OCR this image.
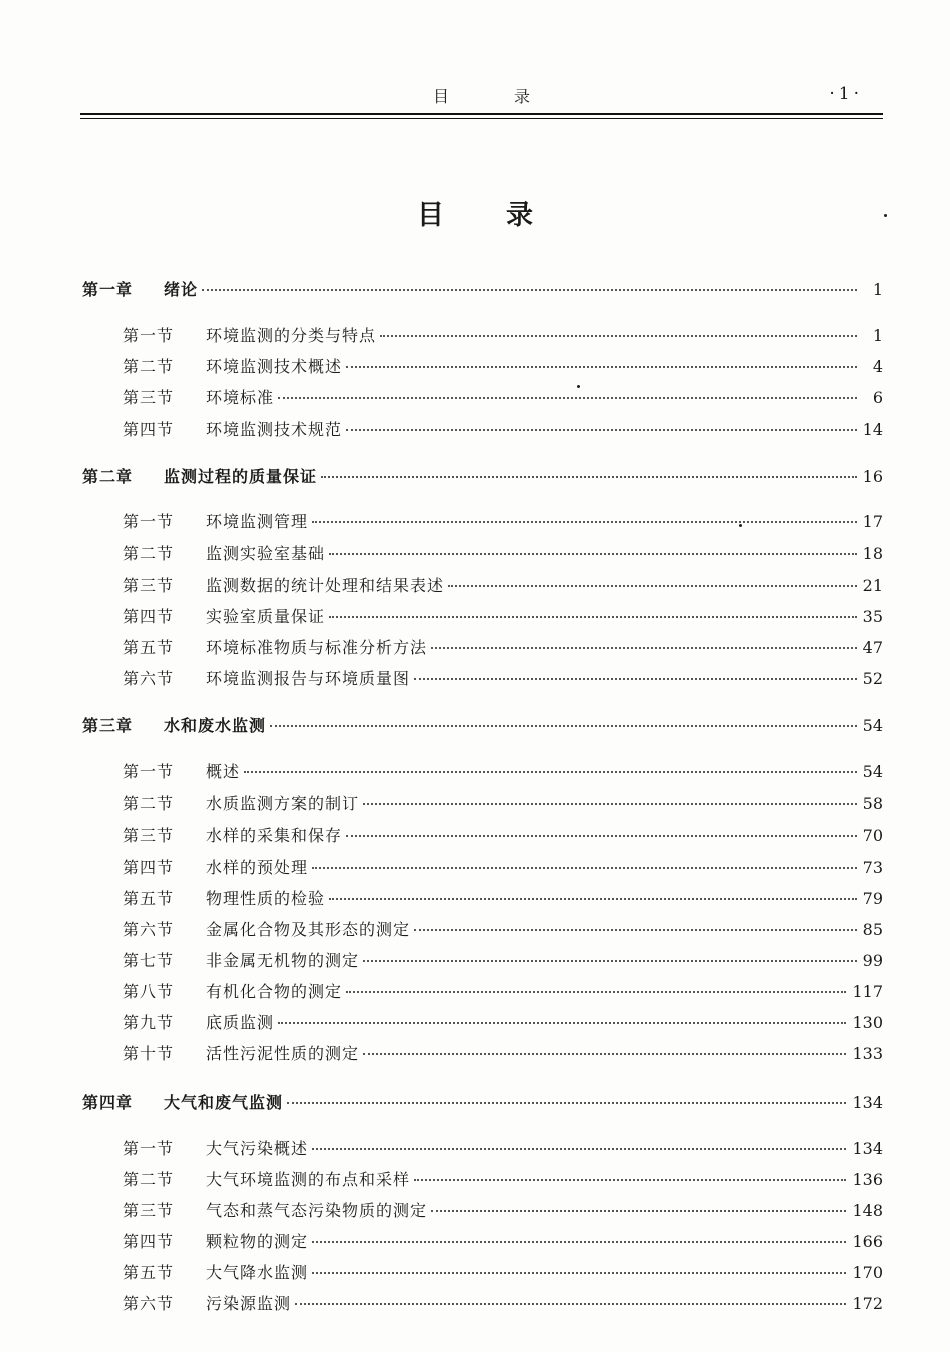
目 录	·1·
目录
第一章	绪论	1
第一节	环境监测的分类与特点	1
第二节	环境监测技术概述	4
第三节	环境标准	6
第四节	环境监测技术规范	14
第二章	监测过程的质量保证	16
第一节	环境监测管理	17
第二节	监测实验室基础	18
第三节	监测数据的统计处理和结果表述	21
第四节	实验室质量保证	35
第五节	环境标准物质与标准分析方法	47
第六节	环境监测报告与环境质量图	52
第三章	水和废水监测	54
第一节	概述	54
第二节	水质监测方案的制订	58
第三节	水样的采集和保存	70
第四节	水样的预处理	73
第五节	物理性质的检验	79
第六节	金属化合物及其形态的测定	85
第七节	非金属无机物的测定	99
第八节	有机化合物的测定	117
第九节	底质监测	130
第十节	活性污泥性质的测定	133
第四章	大气和废气监测	134
第一节	大气污染概述	134
第二节	大气环境监测的布点和采样	136
第三节	气态和蒸气态污染物质的测定	148
第四节	颗粒物的测定	166
第五节	大气降水监测	170
第六节	污染源监测	172
